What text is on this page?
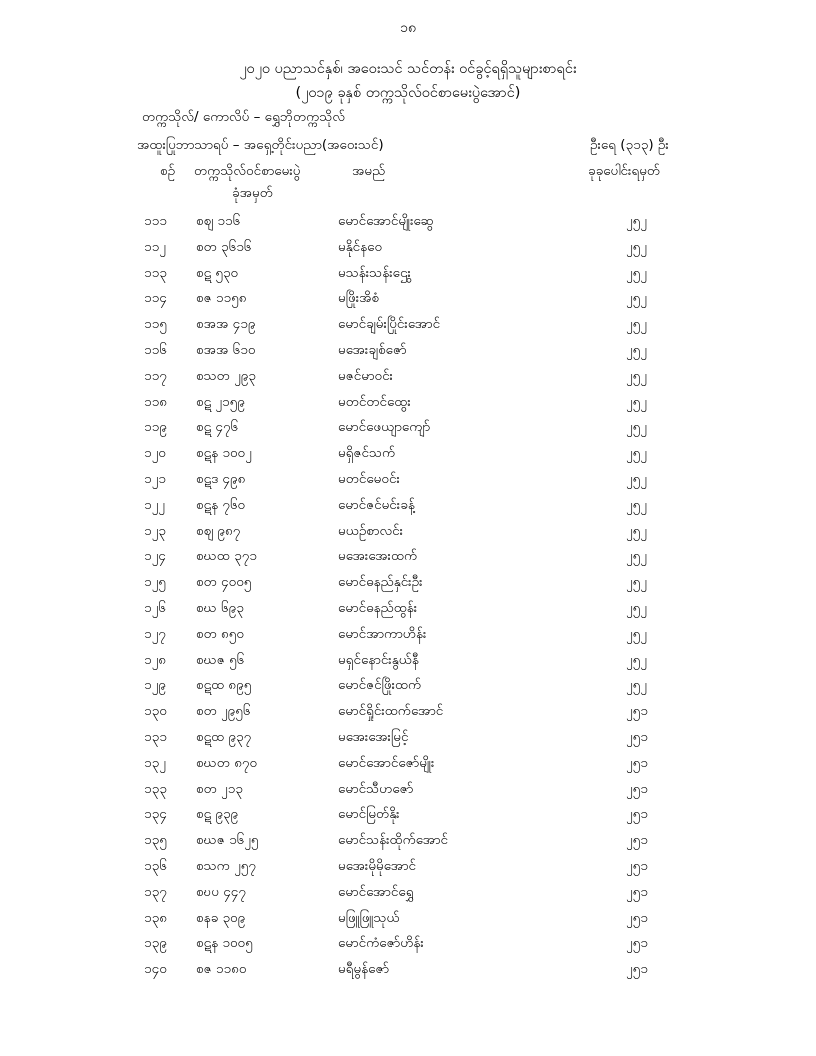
၁၈
၂၀၂၀ ပညာသင်နှစ်၊ အဝေးသင် သင်တန်း ဝင်ခွင့်ရရှိသူများစာရင်း
(၂၀၁၉ ခုနှစ် တက္ကသိုလ်ဝင်စာမေးပွဲအောင်)
တက္ကသိုလ်/ ကောလိပ် – ရွှေဘိုတက္ကသိုလ်
အထူးပြုဘာသာရပ် – အရှေ့တိုင်းပညာ(အဝေးသင်)	ဦးရေ (၃၁၃) ဦး
စဉ် တက္ကသိုလ်ဝင်စာမေးပွဲ
ခုံအမှတ်
အမည်	ခုခုပေါင်းရမှတ်
၁၁၁ စဈ ၁၁၆	မောင်အောင်မျိုးဆွေ	၂၅၂
၁၁၂ စတ ၃၆၁၆	မနိုင်နဝေ	၂၅၂
၁၁၃ စဋ ၅၃၀	မသန်းသန်းဌွေး	၂၅၂
၁၁၄ စဇ ၁၁၅၈	မဖြိုးအိစံ	၂၅၂
၁၁၅ စအအ ၄၁၉	မောင်ချမ်းပြိုင်းအောင်	၂၅၂
၁၁၆ စအအ ၆၁၀	မအေးချစ်ဇော်	၂၅၂
၁၁၇ စသတ ၂၉၃	မဇင်မာဝင်း	၂၅၂
၁၁၈ စဋ ၂၁၅၉	မတင်တင်ထွေး	၂၅၂
၁၁၉ စဋ ၄၇၆	မောင်ဖေယျာကျော်	၂၅၂
၁၂၀ စဋန ၁၀၀၂	မရှိဇင်သက်	၂၅၂
၁၂၁ စဋဒ ၄၉၈	မတင်မေဝင်း	၂၅၂
၁၂၂ စဋန ၇၆၀	မောင်ဇင်မင်းခန့်	၂၅၂
၁၂၃ စဈ ၉၈၇	မယဉ်စာလင်း	၂၅၂
၁၂၄ စဃထ ၃၇၁	မအေးအေးထက်	၂၅၂
၁၂၅ စတ ၄၀၀၅	မောင်ဓနည်နှင်းဦး	၂၅၂
၁၂၆ စဃ ၆၉၃	မောင်ဓနည်ထွန်း	၂၅၂
၁၂၇ စတ ၈၅၀	မောင်အာကာဟိန်း	၂၅၂
၁၂၈ စဃဇ ၅၆	မရှင်နောင်းနွယ်နီ	၂၅၂
၁၂၉ စဋထ ၈၉၅	မောင်ဇင်ဖြိုးထက်	၂၅၂
၁၃၀ စတ ၂၉၅၆	မောင်ရှိုင်းထက်အောင်	၂၅၁
၁၃၁ စဋထ ၉၃၇	မအေးအေးမြင့်	၂၅၁
၁၃၂ စဃတ ၈၇၀	မောင်အောင်ဇော်မျိုး	၂၅၁
၁၃၃ စတ ၂၁၃	မောင်သီဟဇော်	၂၅၁
၁၃၄ စဋ ၉၃၉	မောင်မြတ်နိုး	၂၅၁
၁၃၅ စဃဇ ၁၆၂၅	မောင်သန်းထိုက်အောင်	၂၅၁
၁၃၆ စသက ၂၅၇	မအေးမိုမိုအောင်	၂၅၁
၁၃၇ စဎပ ၄၄၇	မောင်အောင်ရွှေ	၂၅၁
၁၃၈ စနခ ၃၀၉	မဖြူဖြူသုယ်	၂၅၁
၁၃၉ စဋန ၁၀၀၅	မောင်ကံဇော်ဟိန်း	၂၅၁
၁၄၀ စဇ ၁၁၈၀	မရီမွန်ဇော်	၂၅၁
